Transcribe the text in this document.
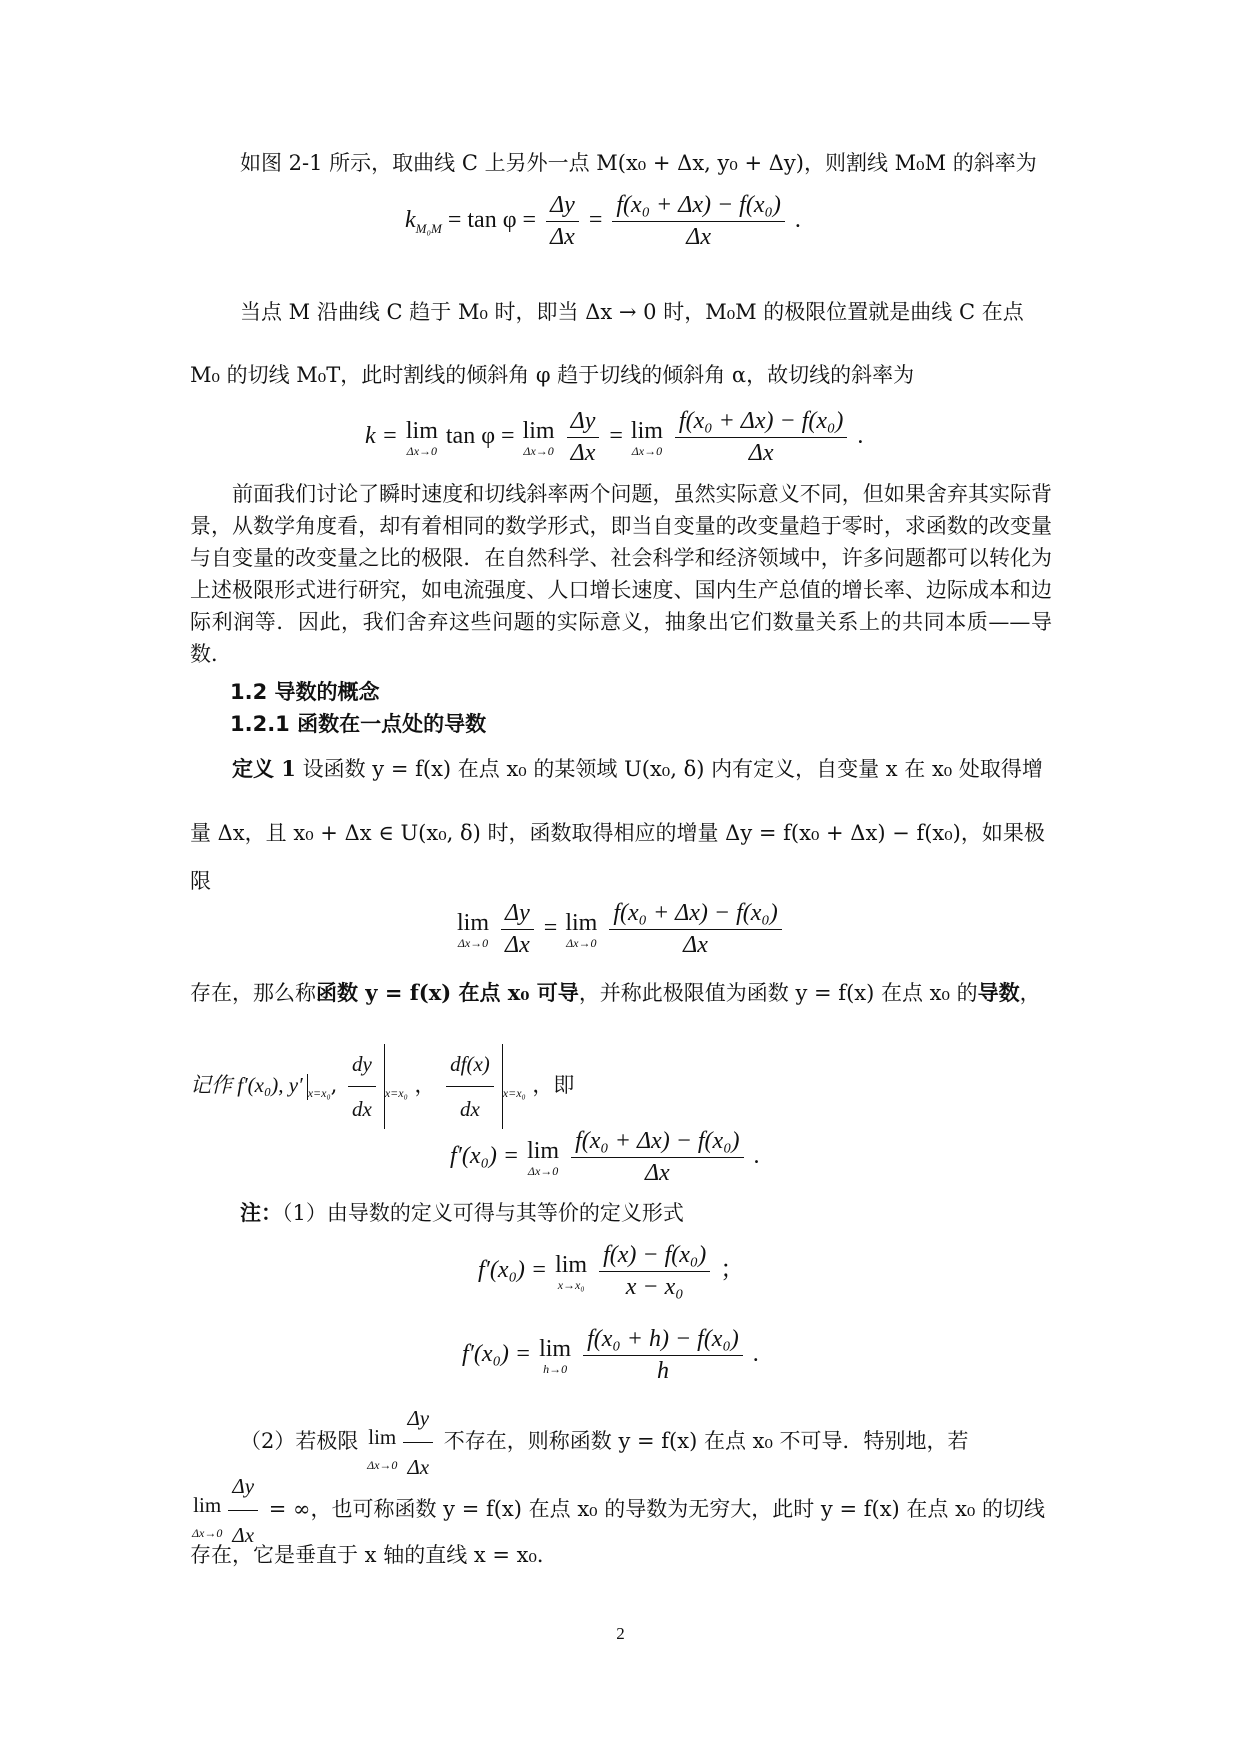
如图 2-1 所示，取曲线 C 上另外一点 M(x₀ + Δx, y₀ + Δy)，则割线 M₀M 的斜率为
$k_{M_0M} = \tan \varphi = \frac{\Delta y}{\Delta x} = \frac{\text{f(x₀ + Δx) − f(x₀)}}{\Delta x}$ .
当点 M 沿曲线 C 趋于 M₀ 时，即当 Δx → 0 时，M₀M 的极限位置就是曲线 C 在点
M₀ 的切线 M₀T，此时割线的倾斜角 φ 趋于切线的倾斜角 α，故切线的斜率为
k = lim
Δx→0
tan φ = lim
Δx→0
$\frac{\Delta y}{\Delta x} = \lim$
Δx→0
$\frac{\text{f(x₀ + Δx) − f(x₀)}}{\Delta x}$ .
前面我们讨论了瞬时速度和切线斜率两个问题，虽然实际意义不同，但如果舍弃其实际背景，从数学角度看，却有着相同的数学形式，即当自变量的改变量趋于零时，求函数的改变量与自变量的改变量之比的极限．在自然科学、社会科学和经济领域中，许多问题都可以转化为上述极限形式进行研究，如电流强度、人口增长速度、国内生产总值的增长率、边际成本和边际利润等．因此，我们舍弃这些问题的实际意义，抽象出它们数量关系上的共同本质——导数．
1.2 导数的概念
1.2.1 函数在一点处的导数
定义 1 设函数 y = f(x) 在点 x₀ 的某领域 U(x₀, δ) 内有定义，自变量 x 在 x₀ 处取得增
量 Δx，且 x₀ + Δx ∈ U(x₀, δ) 时，函数取得相应的增量 Δy = f(x₀ + Δx) − f(x₀)，如果极
限
lim
Δx→0
$\frac{\Delta y}{\Delta x} = \lim$
Δx→0
$\frac{\text{f(x₀ + Δx) − f(x₀)}}{\Delta x}$
存在，那么称函数 y = f(x) 在点 x₀ 可导，并称此极限值为函数 y = f(x) 在点 x₀ 的导数，
记作 f′(x₀), y′ $_{x=x_0}$, $\frac{dy}{dx} _{x=x_0}$ ， $\frac{df(x)}{dx} _{x=x_0}$ ，即
f′(x₀) = lim
Δx→0
$\frac{\text{f(x₀ + Δx) − f(x₀)}}{\Delta x}$ .
注：（1）由导数的定义可得与其等价的定义形式
f′(x₀) = lim
x→x₀
$\frac{\text{f(x) − f(x₀)}}{\text{x − x₀}}$ ；
f′(x₀) = lim
h→0
$\frac{\text{f(x₀ + h) − f(x₀)}}{h}$ .
（2）若极限 lim
$\Delta x\to 0 \frac{\Delta y}{\Delta x}$ 不存在，则称函数 y = f(x) 在点 x₀ 不可导．特别地，若
lim
$\Delta x\to 0 \frac{\Delta y}{\Delta x}$ = ∞，也可称函数 y = f(x) 在点 x₀ 的导数为无穷大，此时 y = f(x) 在点 x₀ 的切线
存在，它是垂直于 x 轴的直线 x = x₀．
2
